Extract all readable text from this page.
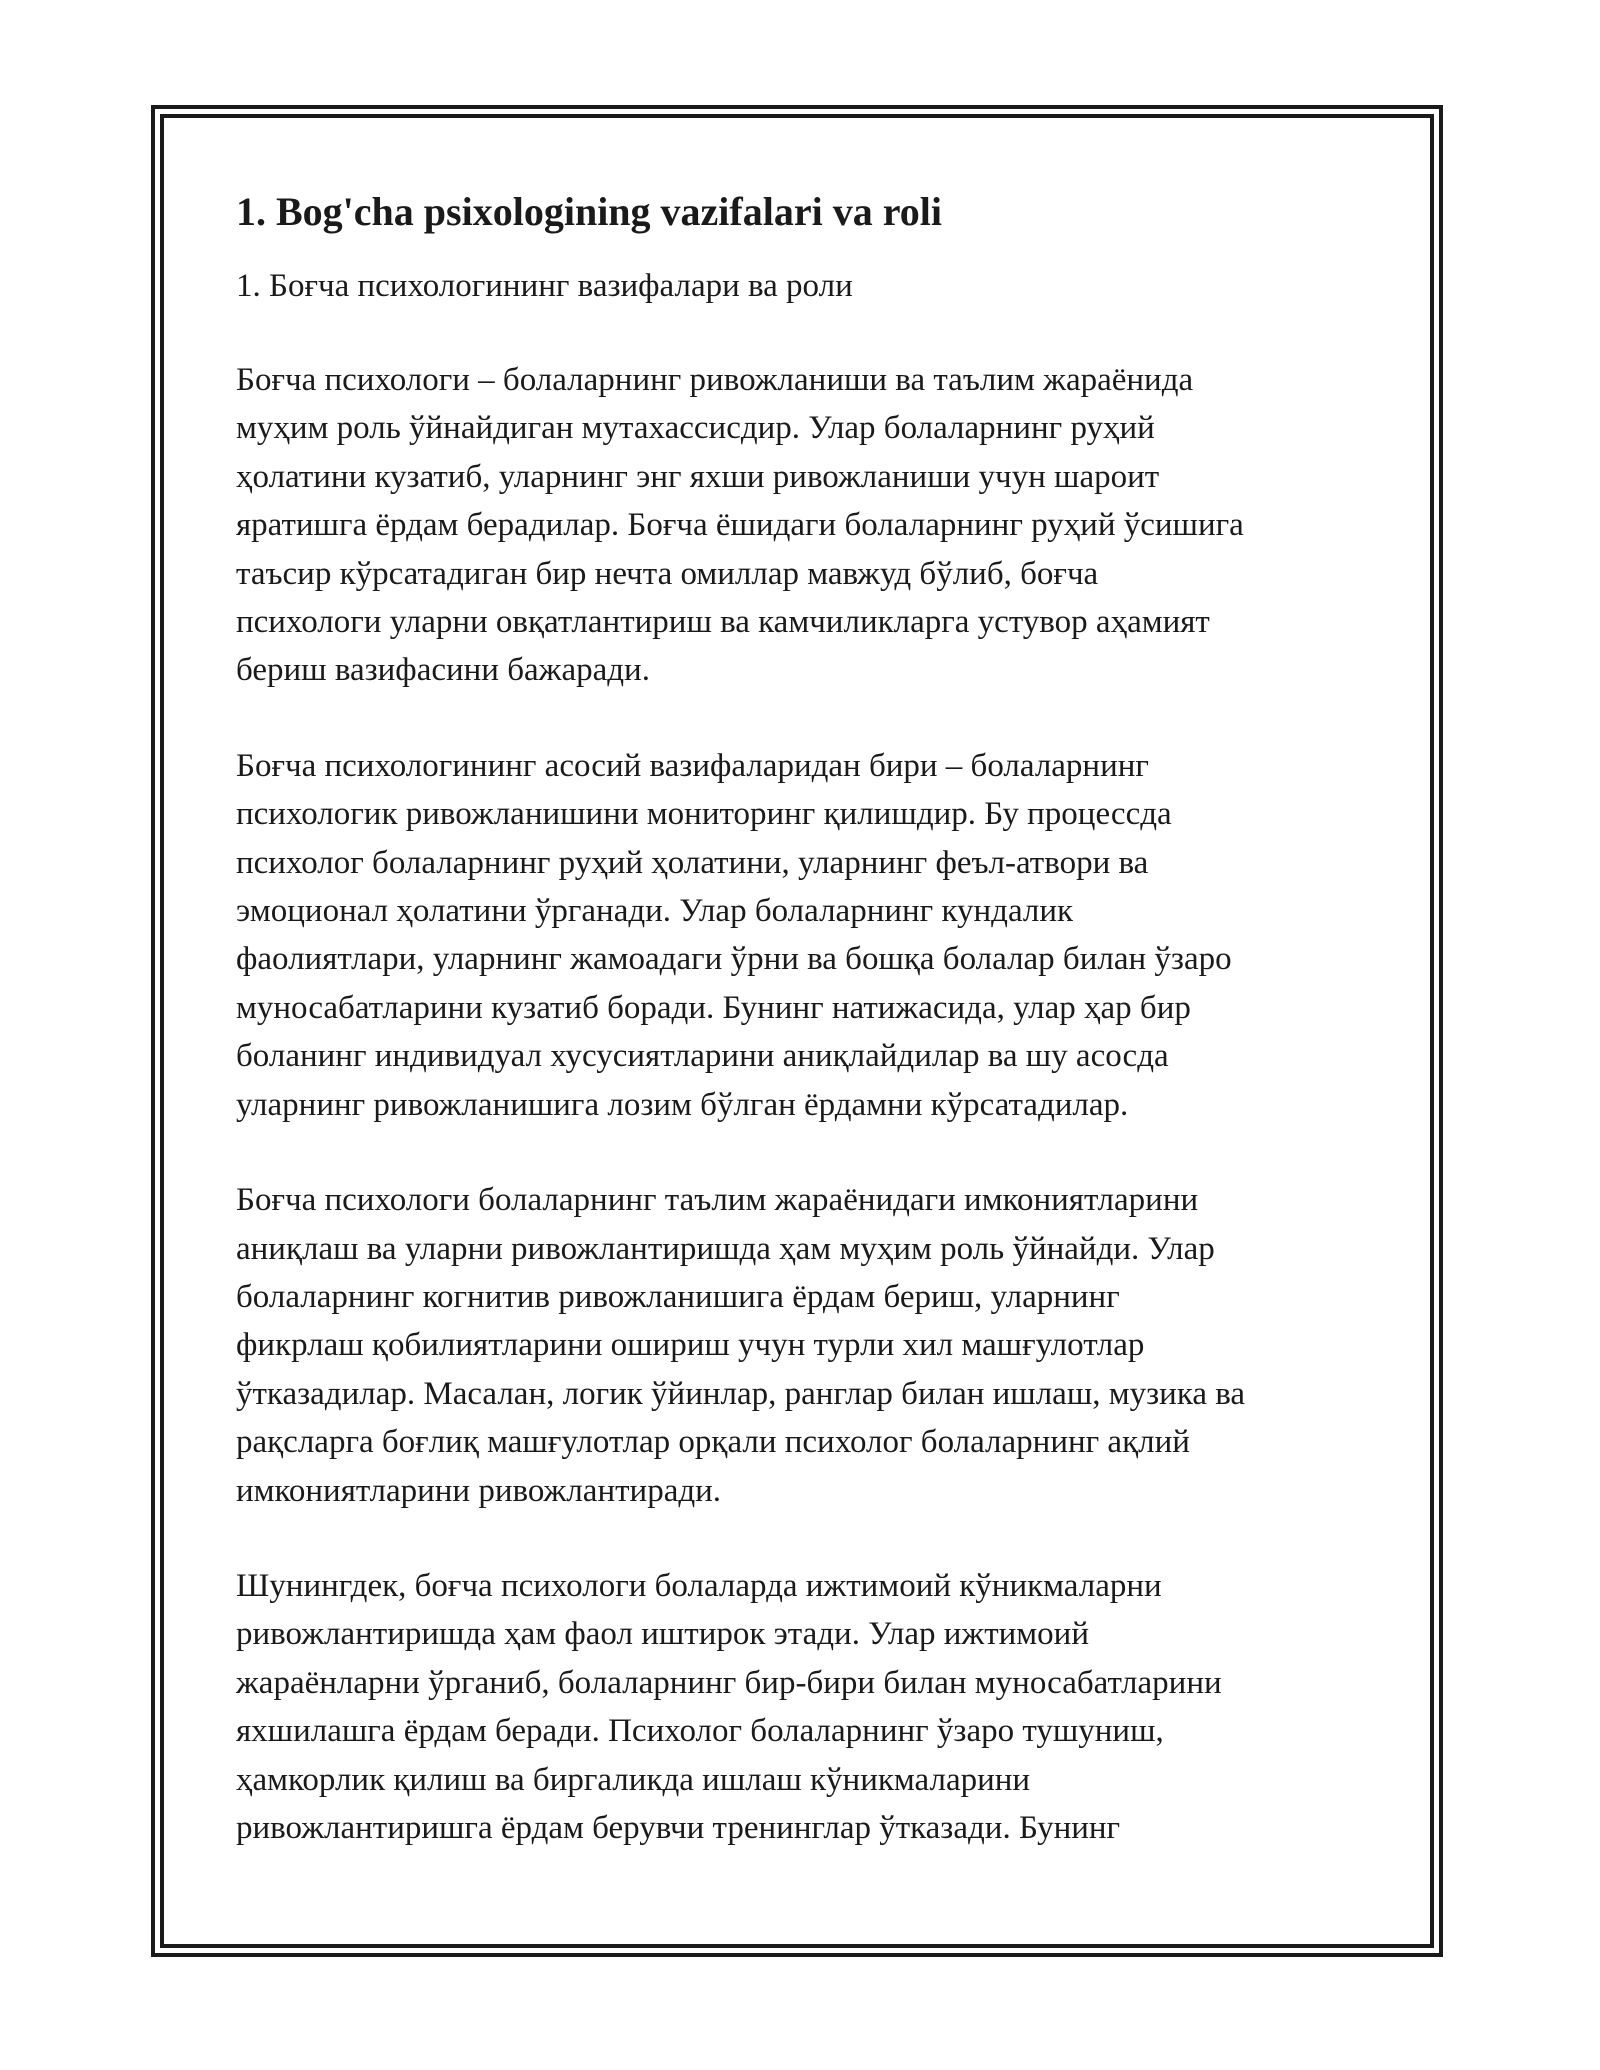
1. Bog'cha psixologining vazifalari va roli

1. Боғча психологининг вазифалари ва роли

Боғча психологи – болаларнинг ривожланиши ва таълим жараёнида
муҳим роль ўйнайдиган мутахассисдир. Улар болаларнинг руҳий
ҳолатини кузатиб, уларнинг энг яхши ривожланиши учун шароит
яратишга ёрдам берадилар. Боғча ёшидаги болаларнинг руҳий ўсишига
таъсир кўрсатадиган бир нечта омиллар мавжуд бўлиб, боғча
психологи уларни овқатлантириш ва камчиликларга устувор аҳамият
бериш вазифасини бажаради.

Боғча психологининг асосий вазифаларидан бири – болаларнинг
психологик ривожланишини мониторинг қилишдир. Бу процессда
психолог болаларнинг руҳий ҳолатини, уларнинг феъл-атвори ва
эмоционал ҳолатини ўрганади. Улар болаларнинг кундалик
фаолиятлари, уларнинг жамоадаги ўрни ва бошқа болалар билан ўзаро
муносабатларини кузатиб боради. Бунинг натижасида, улар ҳар бир
боланинг индивидуал хусусиятларини аниқлайдилар ва шу асосда
уларнинг ривожланишига лозим бўлган ёрдамни кўрсатадилар.

Боғча психологи болаларнинг таълим жараёнидаги имкониятларини
аниқлаш ва уларни ривожлантиришда ҳам муҳим роль ўйнайди. Улар
болаларнинг когнитив ривожланишига ёрдам бериш, уларнинг
фикрлаш қобилиятларини ошириш учун турли хил машғулотлар
ўтказадилар. Масалан, логик ўйинлар, ранглар билан ишлаш, музика ва
рақсларга боғлиқ машғулотлар орқали психолог болаларнинг ақлий
имкониятларини ривожлантиради.

Шунингдек, боғча психологи болаларда ижтимоий кўникмаларни
ривожлантиришда ҳам фаол иштирок этади. Улар ижтимоий
жараёнларни ўрганиб, болаларнинг бир-бири билан муносабатларини
яхшилашга ёрдам беради. Психолог болаларнинг ўзаро тушуниш,
ҳамкорлик қилиш ва биргаликда ишлаш кўникмаларини
ривожлантиришга ёрдам берувчи тренинглар ўтказади. Бунинг
